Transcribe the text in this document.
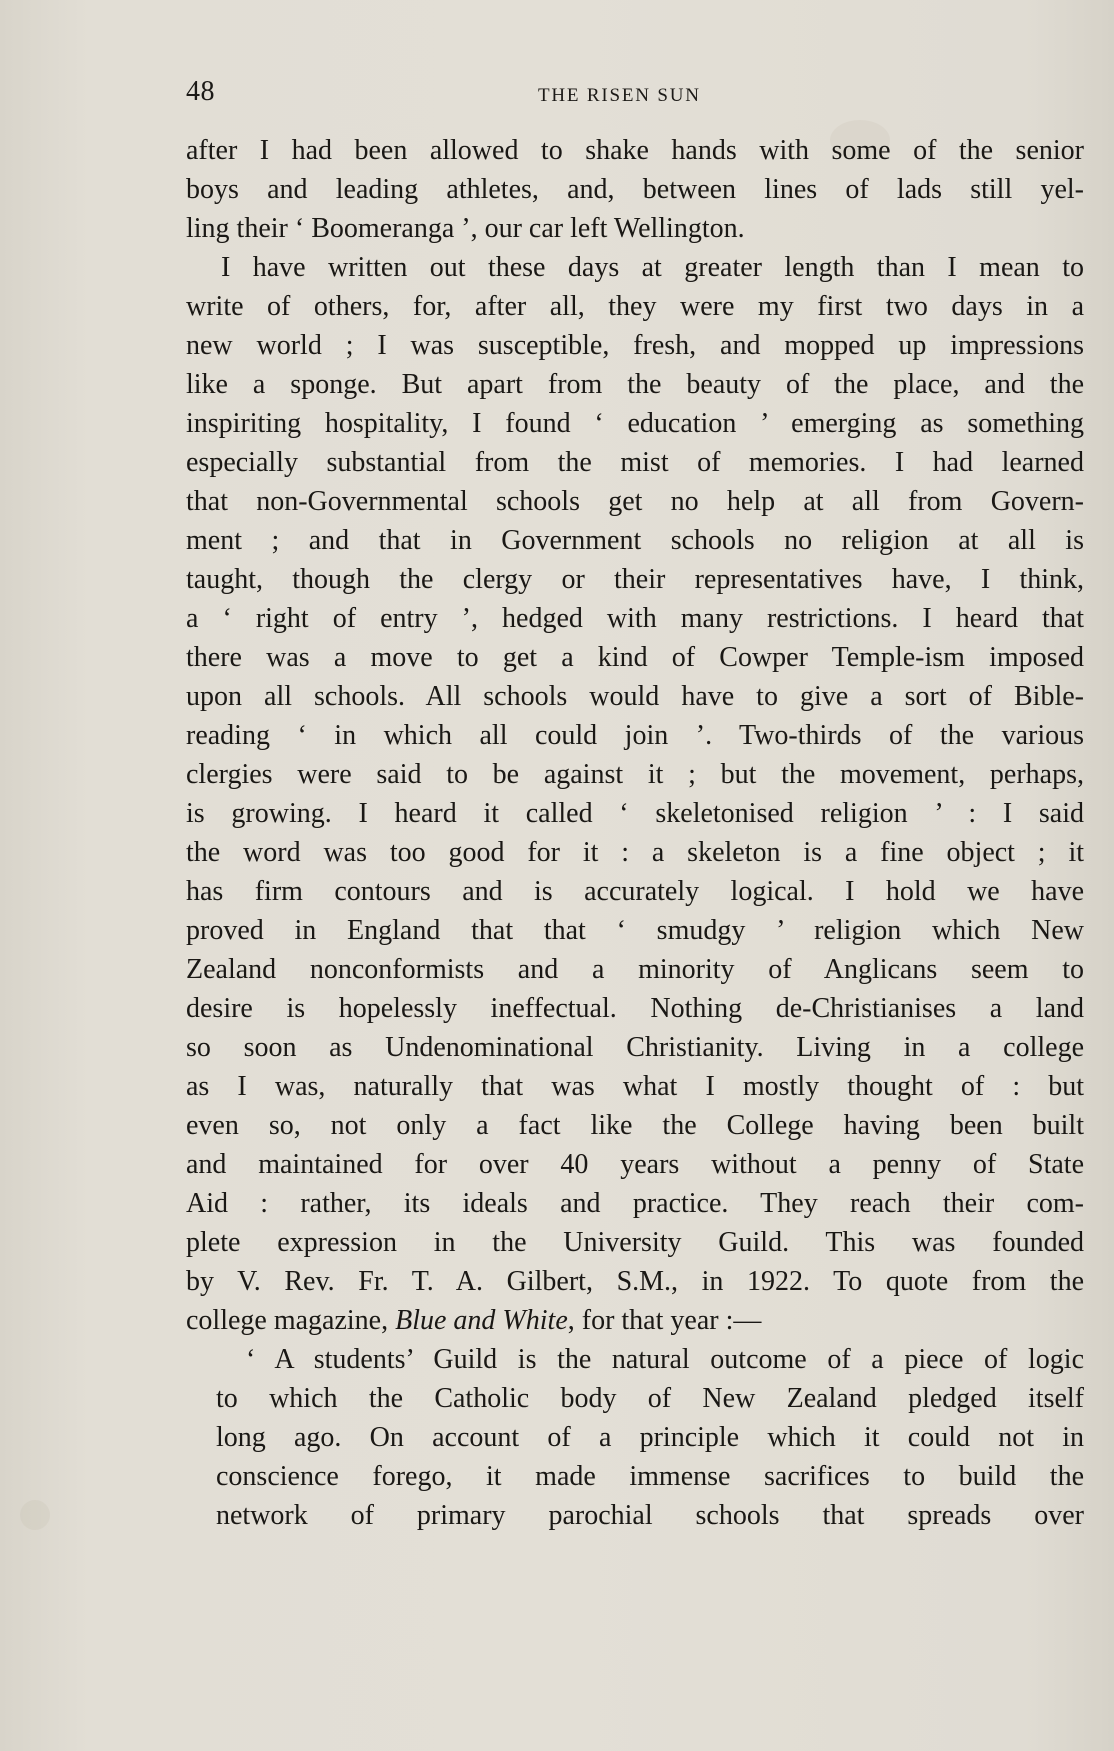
48	THE RISEN SUN
after I had been allowed to shake hands with some of the senior
boys and leading athletes, and, between lines of lads still yel-
ling their ‘ Boomeranga ’, our car left Wellington.
I have written out these days at greater length than I mean to
write of others, for, after all, they were my first two days in a
new world ; I was susceptible, fresh, and mopped up impressions
like a sponge. But apart from the beauty of the place, and the
inspiriting hospitality, I found ‘ education ’ emerging as something
especially substantial from the mist of memories. I had learned
that non-Governmental schools get no help at all from Govern-
ment ; and that in Government schools no religion at all is
taught, though the clergy or their representatives have, I think,
a ‘ right of entry ’, hedged with many restrictions. I heard that
there was a move to get a kind of Cowper Temple-ism imposed
upon all schools. All schools would have to give a sort of Bible-
reading ‘ in which all could join ’. Two-thirds of the various
clergies were said to be against it ; but the movement, perhaps,
is growing. I heard it called ‘ skeletonised religion ’ : I said
the word was too good for it : a skeleton is a fine object ; it
has firm contours and is accurately logical. I hold we have
proved in England that that ‘ smudgy ’ religion which New
Zealand nonconformists and a minority of Anglicans seem to
desire is hopelessly ineffectual. Nothing de-Christianises a land
so soon as Undenominational Christianity. Living in a college
as I was, naturally that was what I mostly thought of : but
even so, not only a fact like the College having been built
and maintained for over 40 years without a penny of State
Aid : rather, its ideals and practice. They reach their com-
plete expression in the University Guild. This was founded
by V. Rev. Fr. T. A. Gilbert, S.M., in 1922. To quote from the
college magazine, Blue and White, for that year :—
‘ A students’ Guild is the natural outcome of a piece of logic
to which the Catholic body of New Zealand pledged itself
long ago. On account of a principle which it could not in
conscience forego, it made immense sacrifices to build the
network of primary parochial schools that spreads over
